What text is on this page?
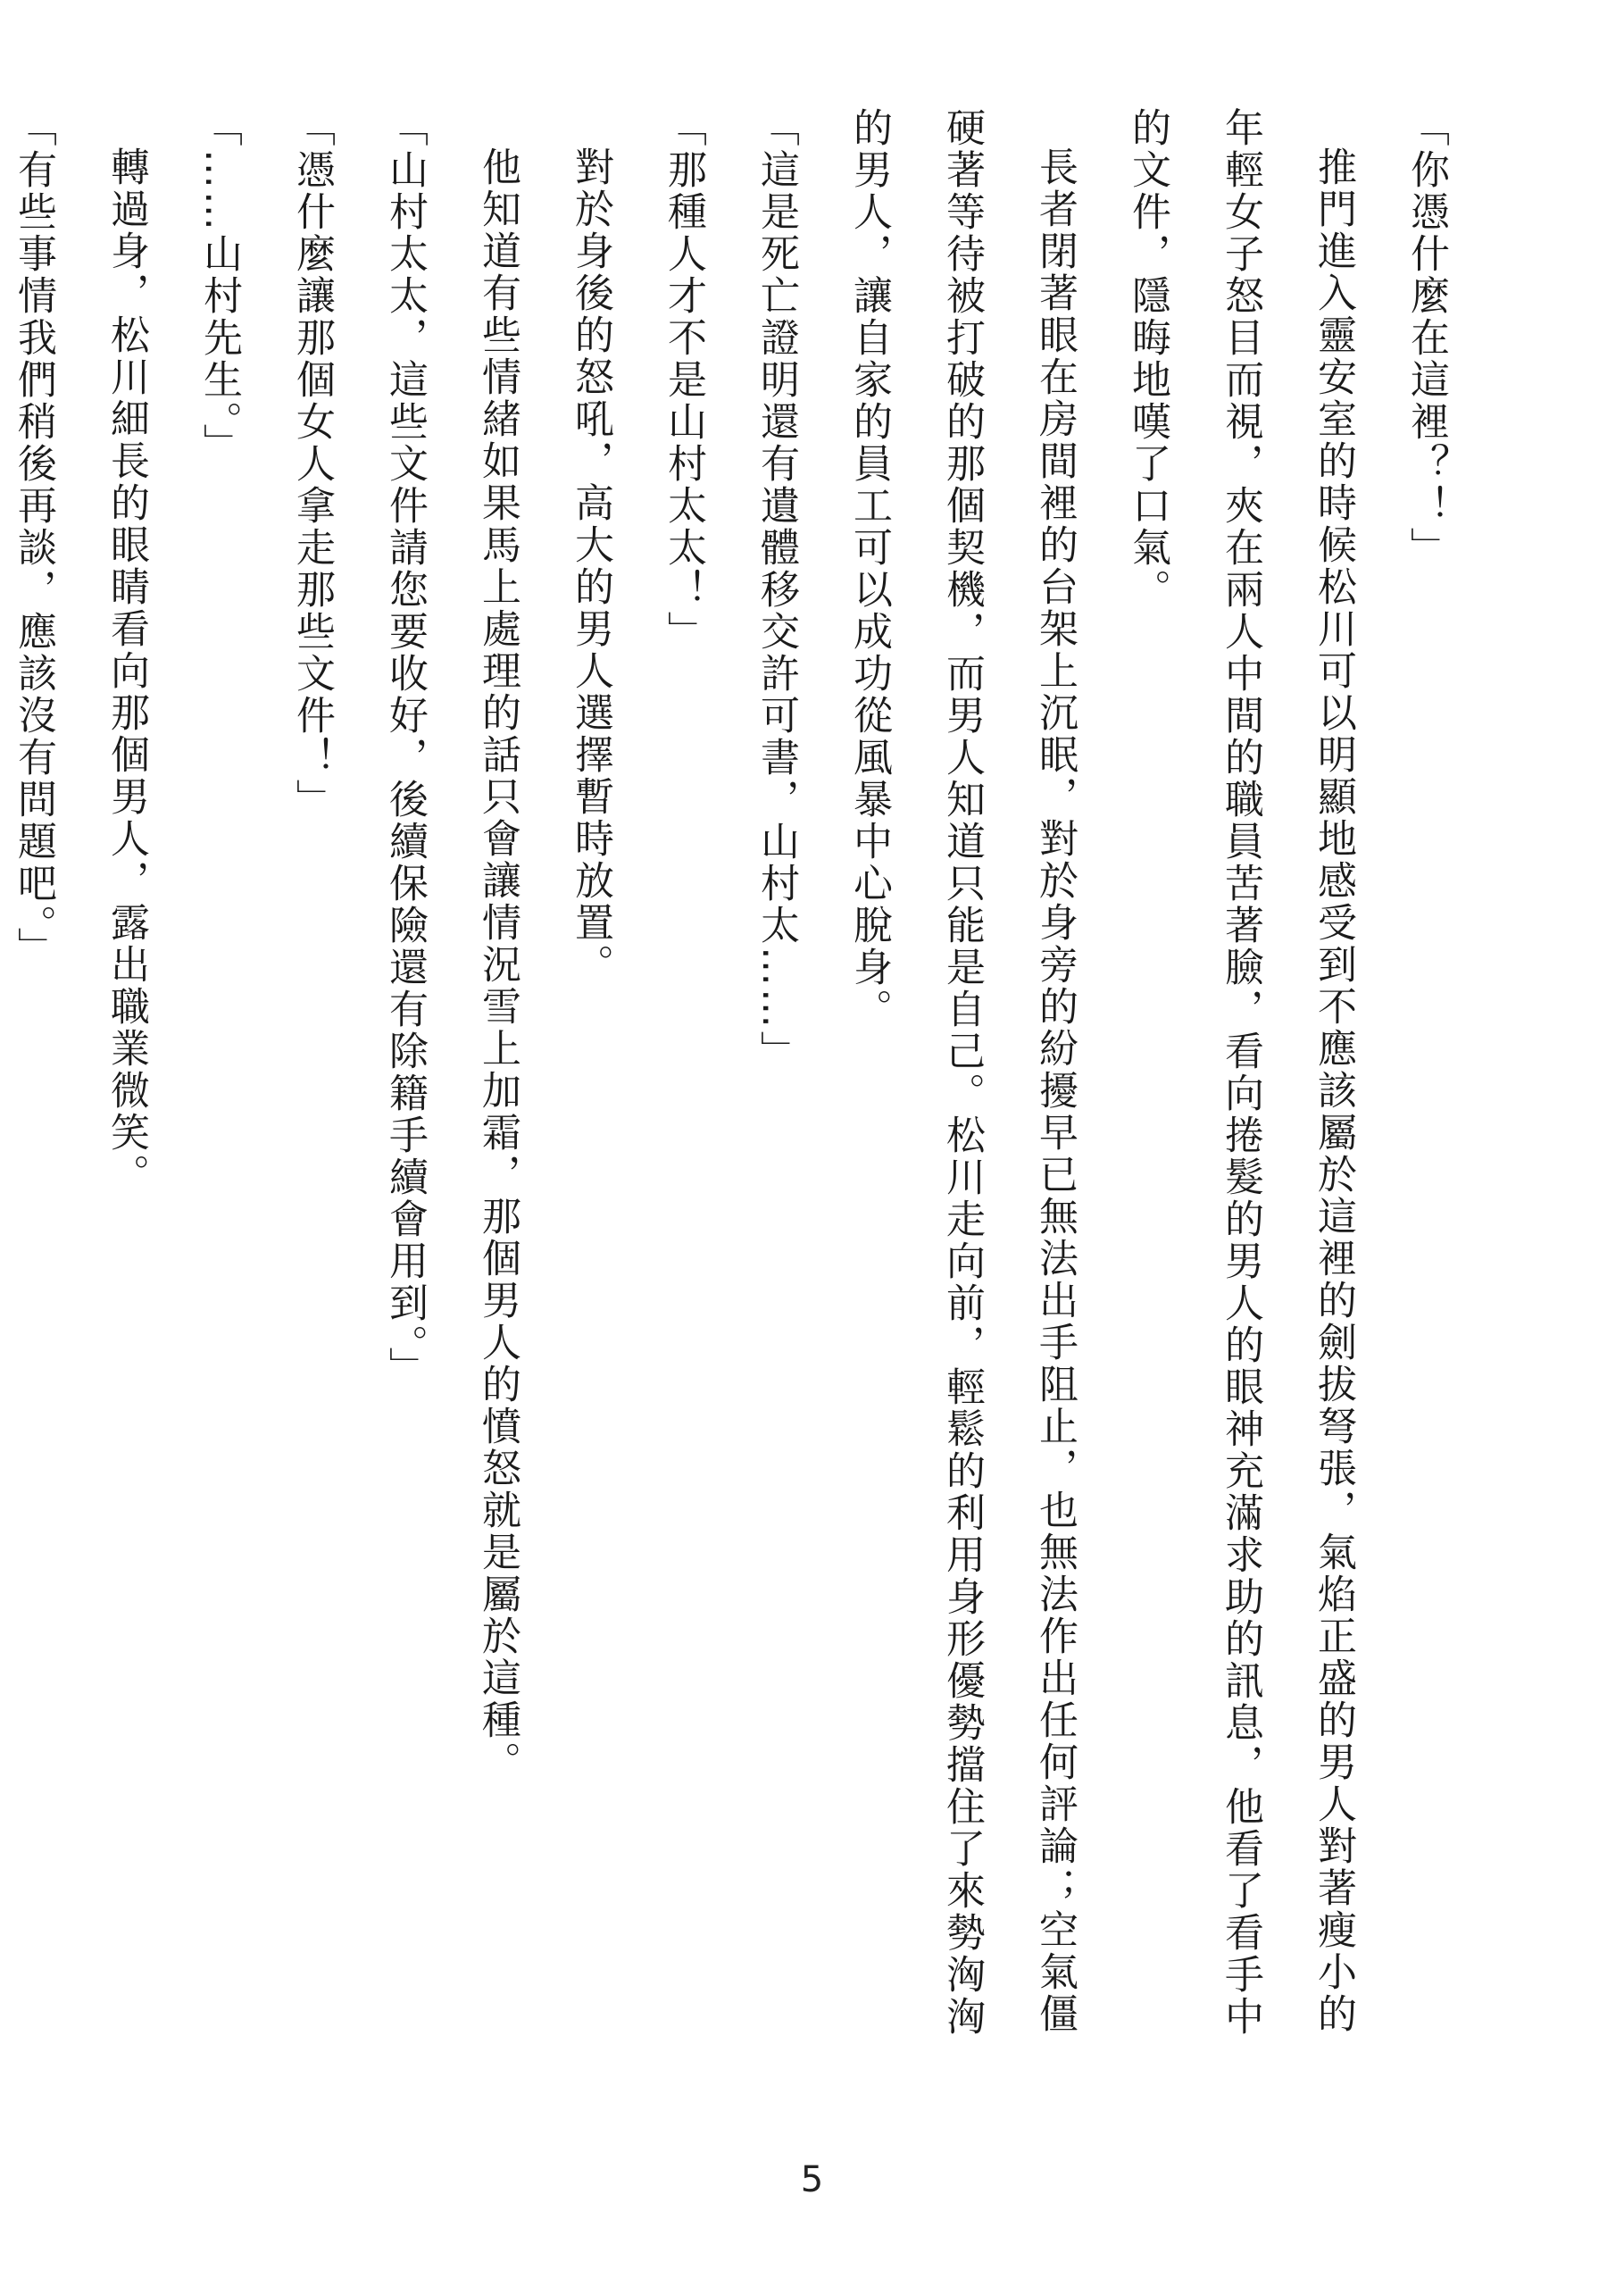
「你憑什麼在這裡？！」

推門進入靈安室的時候松川可以明顯地感受到不應該屬於這裡的劍拔弩張，氣焰正盛的男人對著瘦小的年輕女子怒目而視，夾在兩人中間的職員苦著臉，看向捲髮的男人的眼神充滿求助的訊息，他看了看手中的文件，隱晦地嘆了口氣。

長者閉著眼在房間裡的台架上沉眠，對於身旁的紛擾早已無法出手阻止，也無法作出任何評論；空氣僵硬著等待被打破的那個契機，而男人知道只能是自己。松川走向前，輕鬆的利用身形優勢擋住了來勢洶洶的男人，讓自家的員工可以成功從風暴中心脫身。

「這是死亡證明還有遺體移交許可書，山村太……」

「那種人才不是山村太太！」

對於身後的怒吼，高大的男人選擇暫時放置。

他知道有些情緒如果馬上處理的話只會讓情況雪上加霜，那個男人的憤怒就是屬於這種。

「山村太太，這些文件請您要收好，後續保險還有除籍手續會用到。」

「憑什麼讓那個女人拿走那些文件！」

「……山村先生。」

轉過身，松川細長的眼睛看向那個男人，露出職業微笑。

「有些事情我們稍後再談，應該沒有問題吧。」

5
